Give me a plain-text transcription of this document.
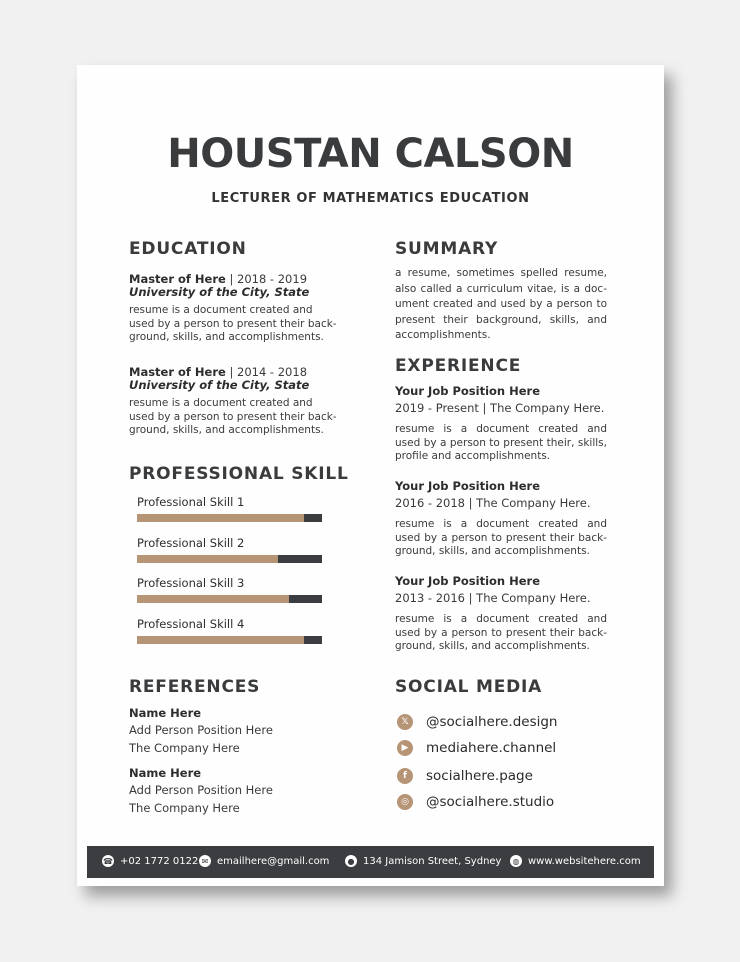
HOUSTAN CALSON
LECTURER OF MATHEMATICS EDUCATION
EDUCATION
Master of Here | 2018 - 2019
University of the City, State
resume is a document created and used by a person to present their back-ground, skills, and accomplishments.
Master of Here | 2014 - 2018
University of the City, State
resume is a document created and used by a person to present their back-ground, skills, and accomplishments.
PROFESSIONAL SKILL
Professional Skill 1
Professional Skill 2
Professional Skill 3
Professional Skill 4
REFERENCES
Name Here
Add Person Position Here
The Company Here
Name Here
Add Person Position Here
The Company Here
SUMMARY
a resume, sometimes spelled resume, also called a curriculum vitae, is a doc-ument created and used by a person to present their background, skills, and accomplishments.
EXPERIENCE
Your Job Position Here
2019 - Present | The Company Here.
resume is a document created and used by a person to present their, skills, profile and accomplishments.
Your Job Position Here
2016 - 2018 | The Company Here.
resume is a document created and used by a person to present their back-ground, skills, and accomplishments.
Your Job Position Here
2013 - 2016 | The Company Here.
resume is a document created and used by a person to present their back-ground, skills, and accomplishments.
SOCIAL MEDIA
𝕏	@socialhere.design
▶	mediahere.channel
f	socialhere.page
◎	@socialhere.studio
☎ +02 1772 0122 ✉ emailhere@gmail.com	● 134 Jamison Street, Sydney	◍ www.websitehere.com
